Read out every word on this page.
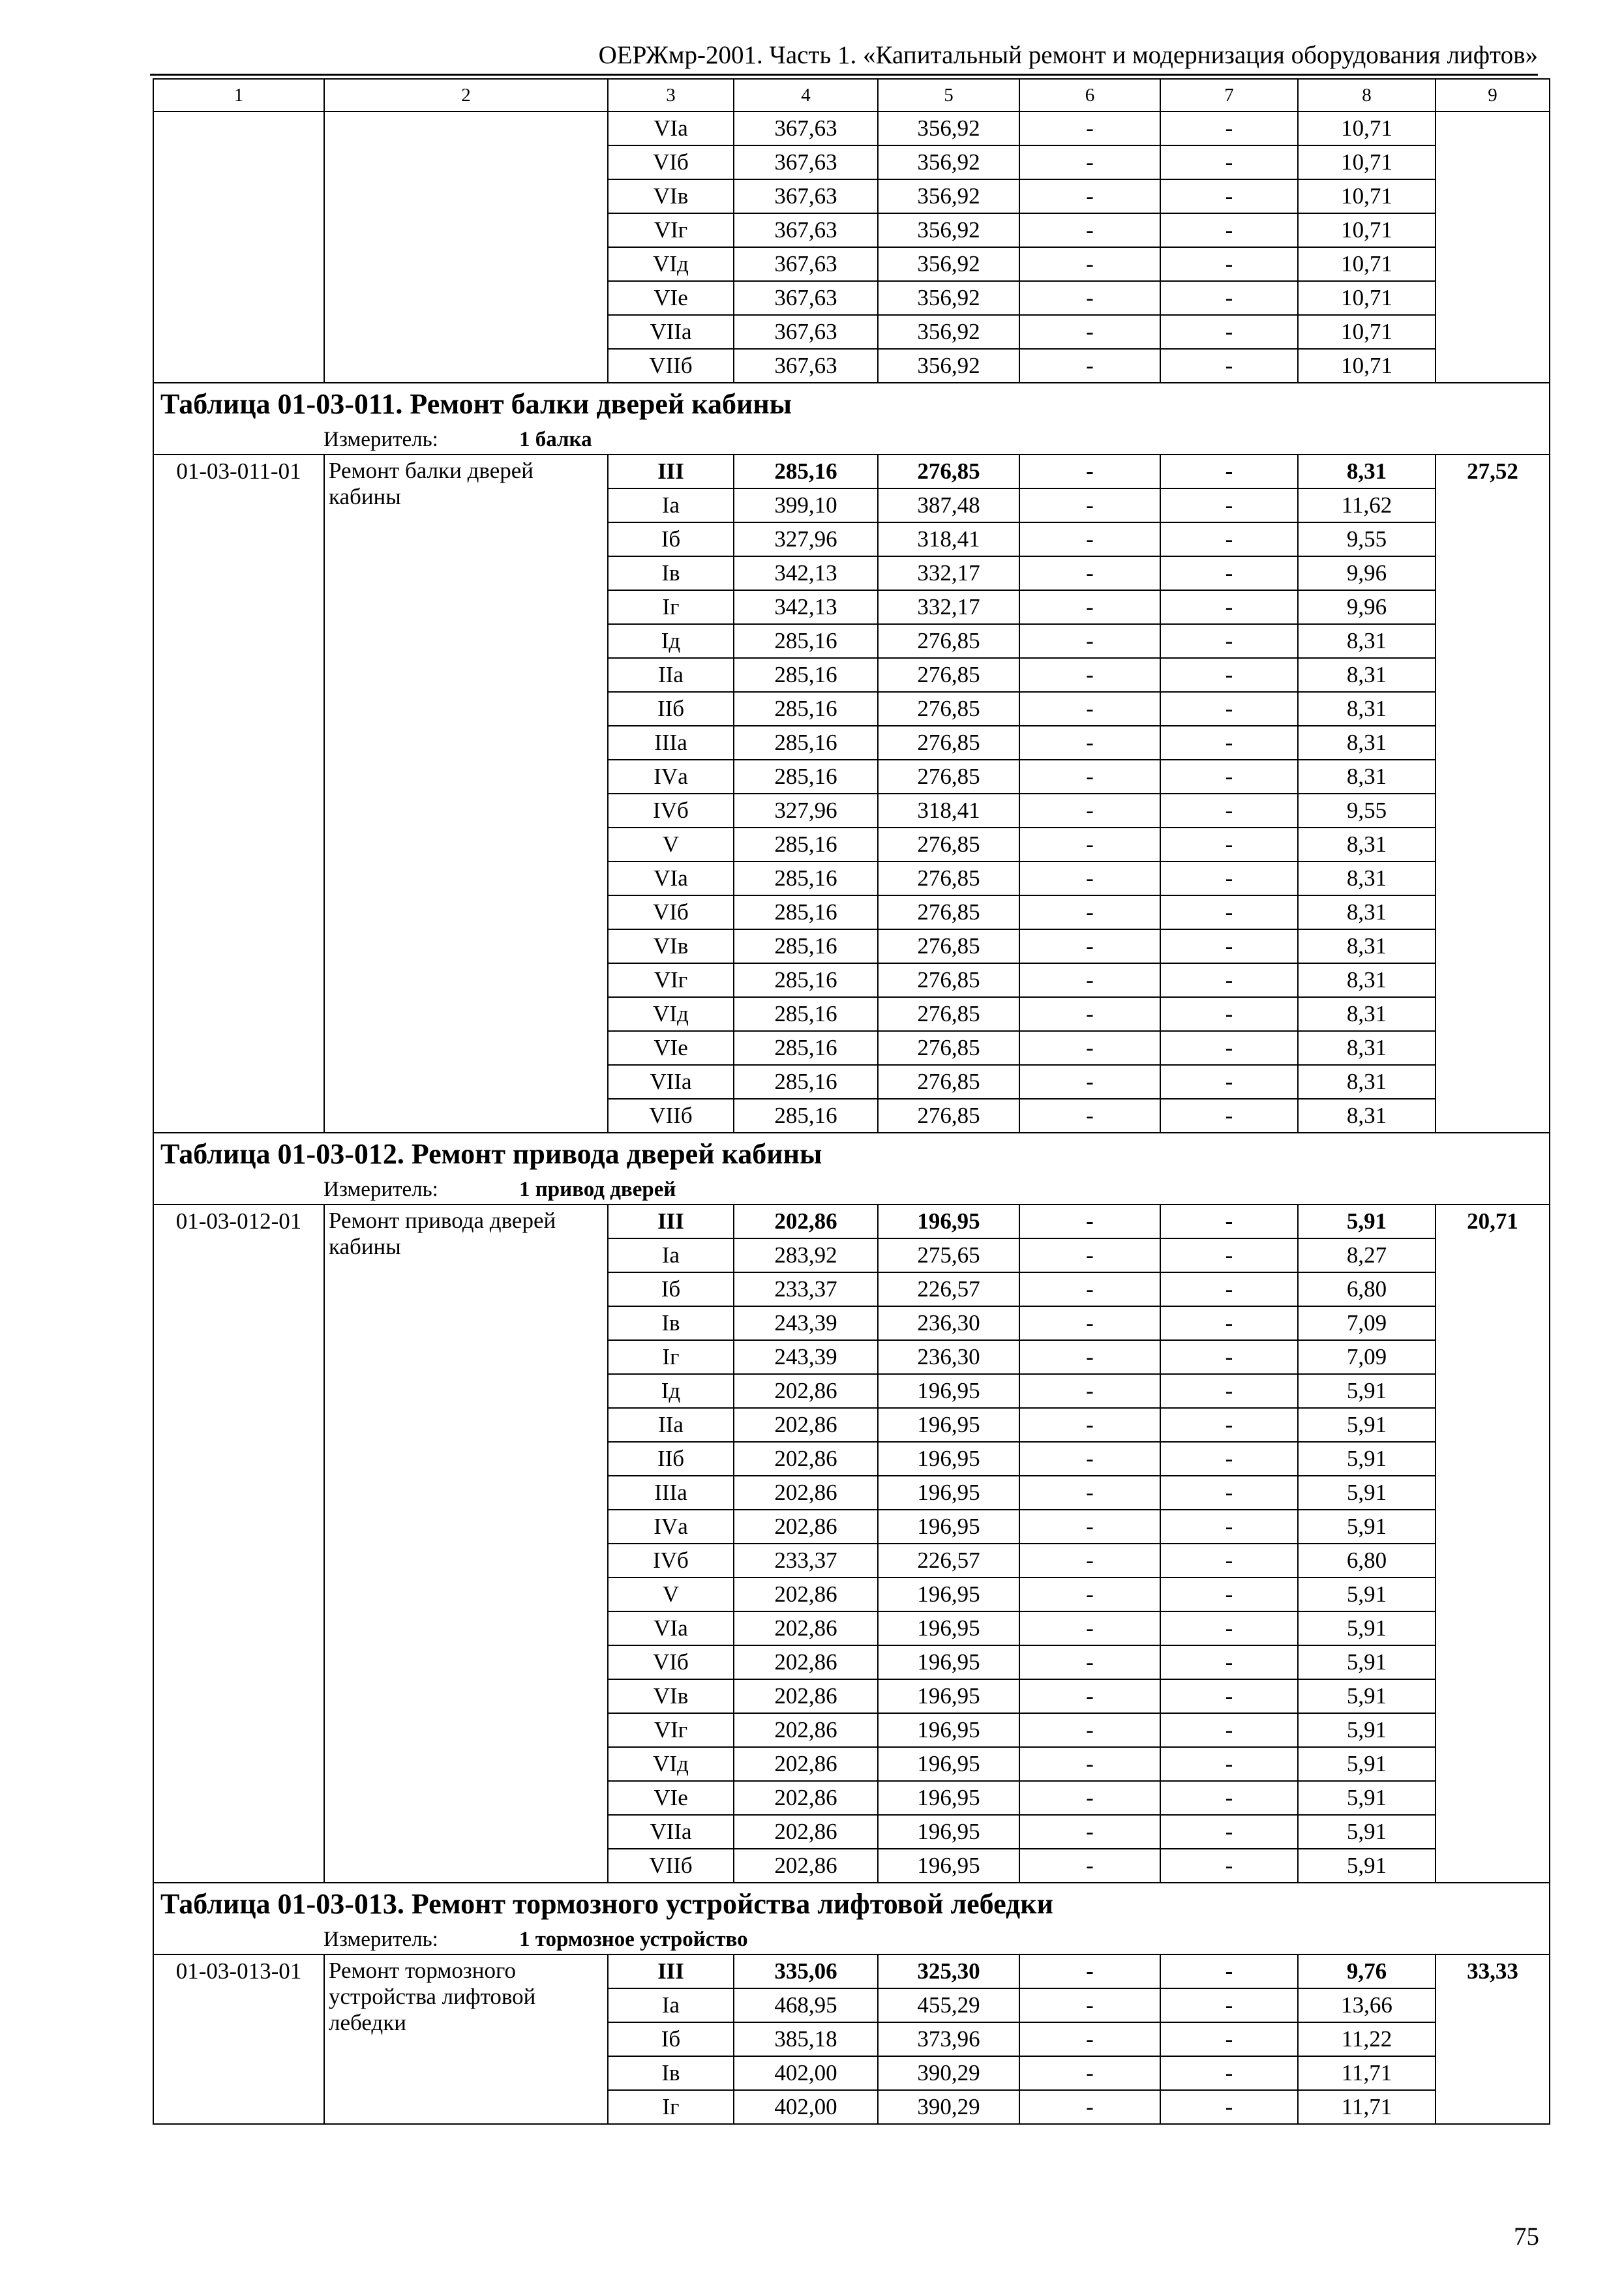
ОЕРЖмр-2001. Часть 1. «Капитальный ремонт и модернизация оборудования лифтов»
1	2	3	4	5	6	7	8	9
		VIа	367,63	356,92	-	-	10,71	
		VIб	367,63	356,92	-	-	10,71	
		VIв	367,63	356,92	-	-	10,71	
		VIг	367,63	356,92	-	-	10,71	
		VIд	367,63	356,92	-	-	10,71	
		VIе	367,63	356,92	-	-	10,71	
		VIIа	367,63	356,92	-	-	10,71	
		VIIб	367,63	356,92	-	-	10,71	
Таблица 01-03-011. Ремонт балки дверей кабины								
Измеритель: 1 балка								
01-03-011-01	Ремонт балки дверей кабины	III	285,16	276,85	-	-	8,31	27,52
		Iа	399,10	387,48	-	-	11,62	
		Iб	327,96	318,41	-	-	9,55	
		Iв	342,13	332,17	-	-	9,96	
		Iг	342,13	332,17	-	-	9,96	
		Iд	285,16	276,85	-	-	8,31	
		IIа	285,16	276,85	-	-	8,31	
		IIб	285,16	276,85	-	-	8,31	
		IIIа	285,16	276,85	-	-	8,31	
		IVа	285,16	276,85	-	-	8,31	
		IVб	327,96	318,41	-	-	9,55	
		V	285,16	276,85	-	-	8,31	
		VIа	285,16	276,85	-	-	8,31	
		VIб	285,16	276,85	-	-	8,31	
		VIв	285,16	276,85	-	-	8,31	
		VIг	285,16	276,85	-	-	8,31	
		VIд	285,16	276,85	-	-	8,31	
		VIе	285,16	276,85	-	-	8,31	
		VIIа	285,16	276,85	-	-	8,31	
		VIIб	285,16	276,85	-	-	8,31	
Таблица 01-03-012. Ремонт привода дверей кабины								
Измеритель: 1 привод дверей								
01-03-012-01	Ремонт привода дверей кабины	III	202,86	196,95	-	-	5,91	20,71
		Iа	283,92	275,65	-	-	8,27	
		Iб	233,37	226,57	-	-	6,80	
		Iв	243,39	236,30	-	-	7,09	
		Iг	243,39	236,30	-	-	7,09	
		Iд	202,86	196,95	-	-	5,91	
		IIа	202,86	196,95	-	-	5,91	
		IIб	202,86	196,95	-	-	5,91	
		IIIа	202,86	196,95	-	-	5,91	
		IVа	202,86	196,95	-	-	5,91	
		IVб	233,37	226,57	-	-	6,80	
		V	202,86	196,95	-	-	5,91	
		VIа	202,86	196,95	-	-	5,91	
		VIб	202,86	196,95	-	-	5,91	
		VIв	202,86	196,95	-	-	5,91	
		VIг	202,86	196,95	-	-	5,91	
		VIд	202,86	196,95	-	-	5,91	
		VIе	202,86	196,95	-	-	5,91	
		VIIа	202,86	196,95	-	-	5,91	
		VIIб	202,86	196,95	-	-	5,91	
Таблица 01-03-013. Ремонт тормозного устройства лифтовой лебедки								
Измеритель: 1 тормозное устройство								
01-03-013-01	Ремонт тормозного устройства лифтовой лебедки	III	335,06	325,30	-	-	9,76	33,33
		Iа	468,95	455,29	-	-	13,66	
		Iб	385,18	373,96	-	-	11,22	
		Iв	402,00	390,29	-	-	11,71	
		Iг	402,00	390,29	-	-	11,71	
75
